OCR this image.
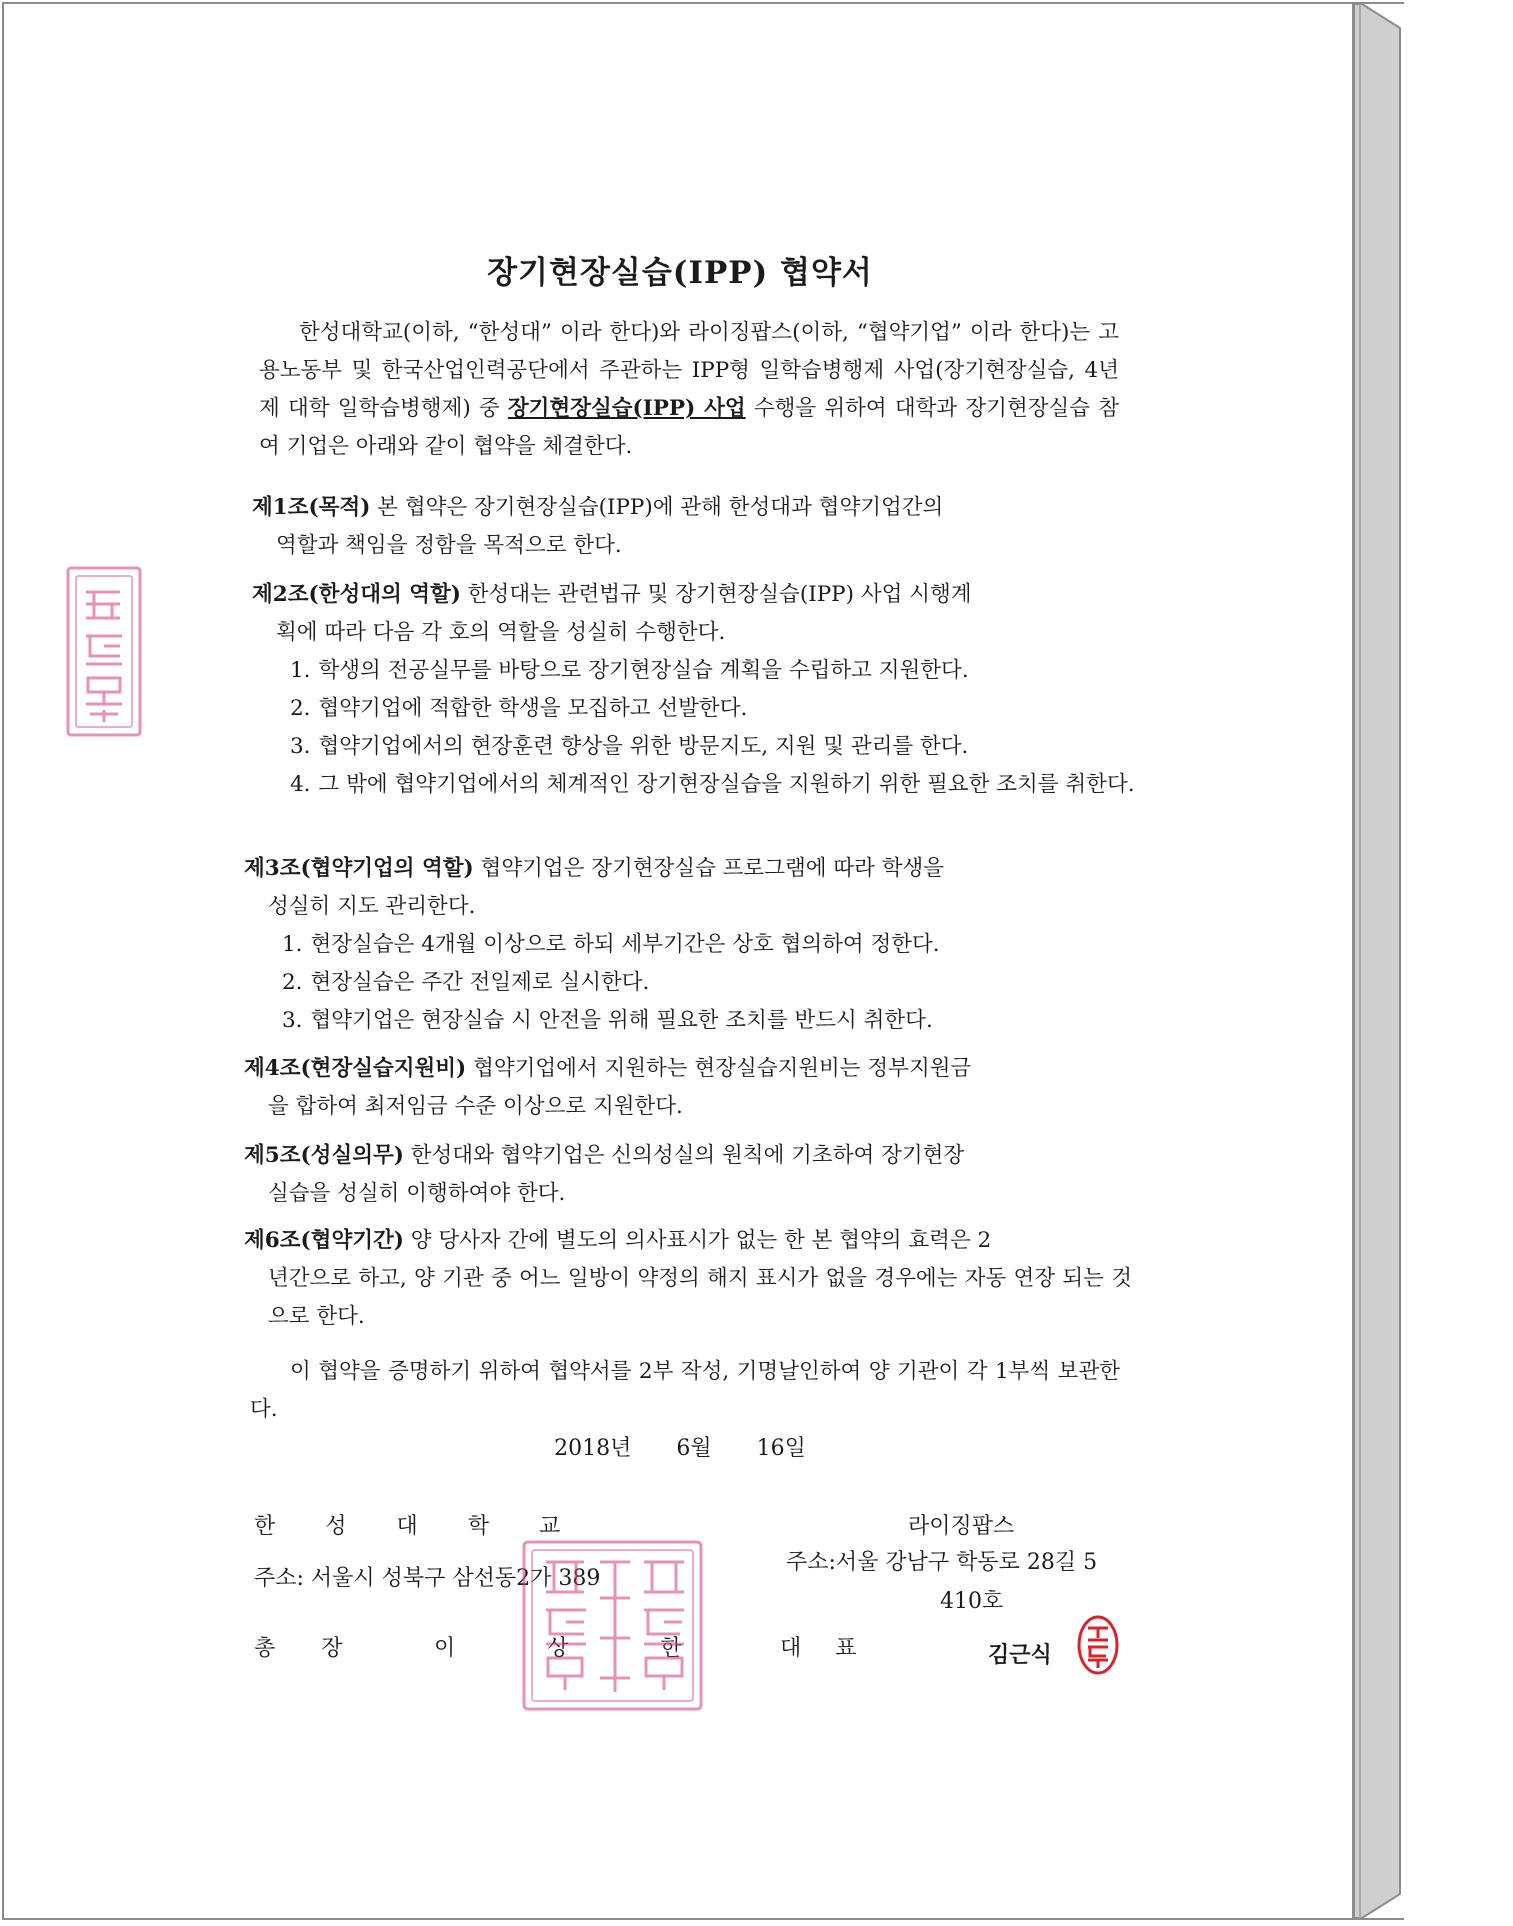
장기현장실습(IPP) 협약서

한성대학교(이하, “한성대” 이라 한다)와 라이징팝스(이하, “협약기업” 이라 한다)는 고용노동부 및 한국산업인력공단에서 주관하는 IPP형 일학습병행제 사업(장기현장실습, 4년제 대학 일학습병행제) 중 장기현장실습(IPP) 사업 수행을 위하여 대학과 장기현장실습 참여 기업은 아래와 같이 협약을 체결한다.

제1조(목적) 본 협약은 장기현장실습(IPP)에 관해 한성대과 협약기업간의
역할과 책임을 정함을 목적으로 한다.
제2조(한성대의 역할) 한성대는 관련법규 및 장기현장실습(IPP) 사업 시행계
획에 따라 다음 각 호의 역할을 성실히 수행한다.
1. 학생의 전공실무를 바탕으로 장기현장실습 계획을 수립하고 지원한다.
2. 협약기업에 적합한 학생을 모집하고 선발한다.
3. 협약기업에서의 현장훈련 향상을 위한 방문지도, 지원 및 관리를 한다.
4. 그 밖에 협약기업에서의 체계적인 장기현장실습을 지원하기 위한 필요한 조치를 취한다.
제3조(협약기업의 역할) 협약기업은 장기현장실습 프로그램에 따라 학생을
성실히 지도 관리한다.
1. 현장실습은 4개월 이상으로 하되 세부기간은 상호 협의하여 정한다.
2. 현장실습은 주간 전일제로 실시한다.
3. 협약기업은 현장실습 시 안전을 위해 필요한 조치를 반드시 취한다.
제4조(현장실습지원비) 협약기업에서 지원하는 현장실습지원비는 정부지원금
을 합하여 최저임금 수준 이상으로 지원한다.
제5조(성실의무) 한성대와 협약기업은 신의성실의 원칙에 기초하여 장기현장
실습을 성실히 이행하여야 한다.
제6조(협약기간) 양 당사자 간에 별도의 의사표시가 없는 한 본 협약의 효력은 2
년간으로 하고, 양 기관 중 어느 일방이 약정의 해지 표시가 없을 경우에는 자동 연장 되는 것으로 한다.

이 협약을 증명하기 위하여 협약서를 2부 작성, 기명날인하여 양 기관이 각 1부씩 보관한다.

2018년 6월 16일

한성대학교

주소: 서울시 성북구 삼선동2가 389

총장 이상한

라이징팝스

주소:서울 강남구 학동로 28길 5

410호

대표	김근식
